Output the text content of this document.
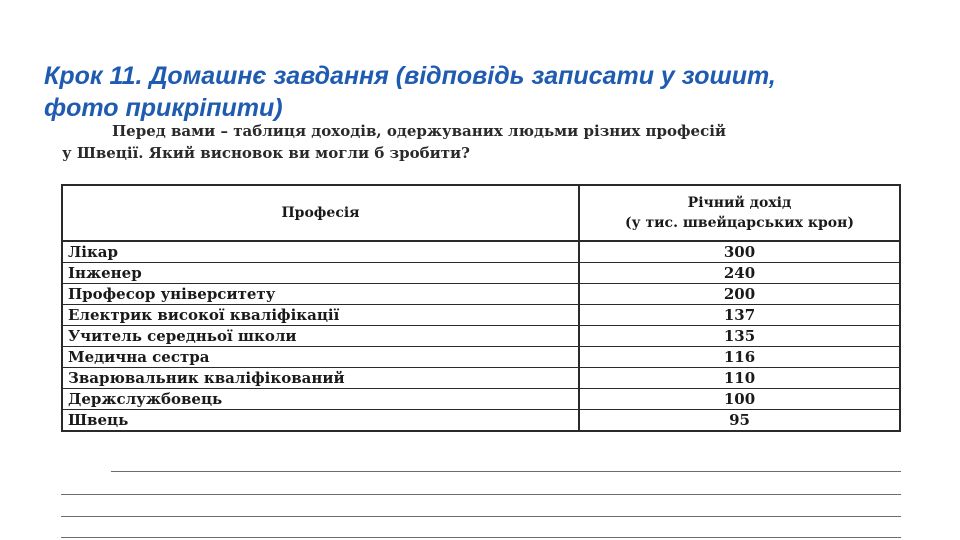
Крок 11. Домашнє завдання (відповідь записати у зошит,
фото прикріпити)

Перед вами – таблиця доходів, одержуваних людьми різних професій
у Швеції. Який висновок ви могли б зробити?

Професія	Річний дохід
(у тис. швейцарських крон)
Лікар	300
Інженер	240
Професор університету	200
Електрик високої кваліфікації	137
Учитель середньої школи	135
Медична сестра	116
Зварювальник кваліфікований	110
Держслужбовець	100
Швець	95
